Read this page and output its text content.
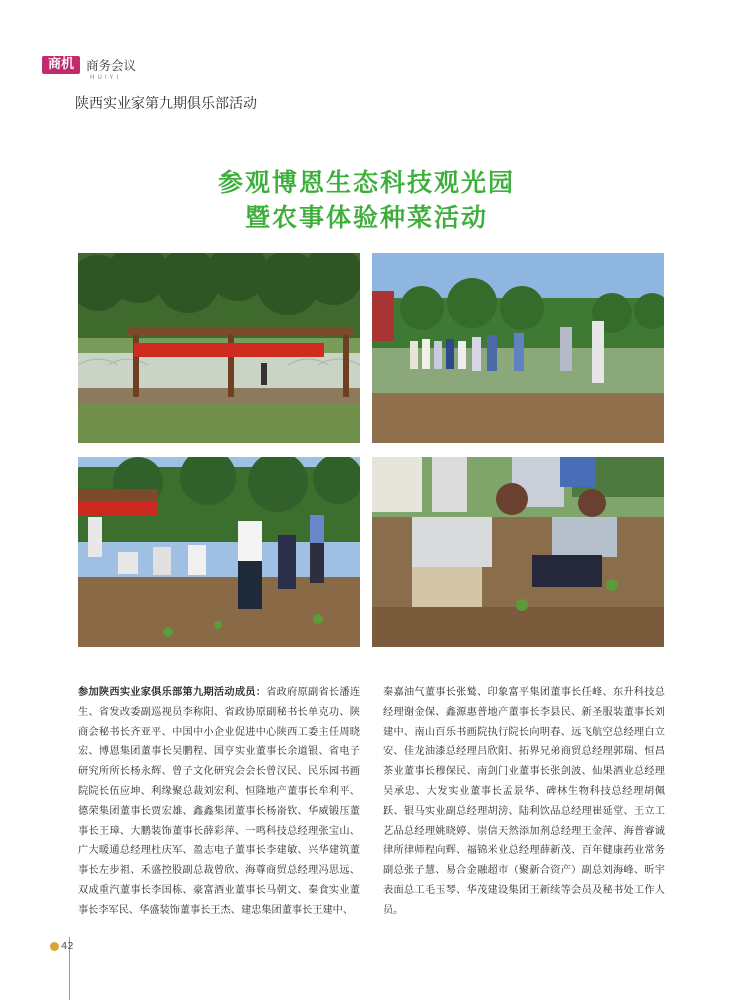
商机 商务会议
HUIYI
陕西实业家第九期俱乐部活动
参观博恩生态科技观光园
暨农事体验种菜活动
参加陕西实业家俱乐部第九期活动成员：省政府原副省长潘连生、省发改委副巡视员李称阳、省政协原副秘书长单克功、陕商会秘书长齐亚平、中国中小企业促进中心陕西工委主任周晓宏、博恩集团董事长吴鹏程、国亨实业董事长余道银、省电子研究所所长杨永辉、曾子文化研究会会长曾汉民、民乐园书画院院长伍应坤、利缘聚总裁刘宏利、恒隆地产董事长牟利平、德荣集团董事长贾宏雄、鑫鑫集团董事长杨嵛钦、华威锻压董事长王璋、大鹏装饰董事长薛彩萍、一鸣科技总经理张宝山、广大暖通总经理杜庆军、盈志电子董事长李建敏、兴华建筑董事长左步祖、禾盛控股副总裁曾欣、海尊商贸总经理冯思远、双成重汽董事长李国栋、豪富酒业董事长马朝文、秦食实业董事长李军民、华盛装饰董事长王杰、建忠集团董事长王建中、
秦嘉油气董事长张鹫、印象富平集团董事长任峰、东升科技总经理谢金保、鑫源惠普地产董事长李县民、新圣服装董事长刘建中、南山百乐书画院执行院长向明春、远飞航空总经理白立安、佳龙油漆总经理吕欣阳、拓界兄弟商贸总经理郭瑞、恒昌茶业董事长穆保民、南剑门业董事长张剑波、仙果酒业总经理吴承忠、大发实业董事长孟景华、碑林生物科技总经理胡佩跃、银马实业副总经理胡滂、陆利饮品总经理崔延堂、王立工艺品总经理姚晓婷、崇信天然添加剂总经理王金萍、海普睿诚律所律师程向辉、福锦米业总经理薛新茂、百年健康药业常务副总张子慧、易合金融超市（聚新合资产）副总刘海峰、昕宇表面总工毛玉琴、华茂建设集团王新续等会员及秘书处工作人员。
42
